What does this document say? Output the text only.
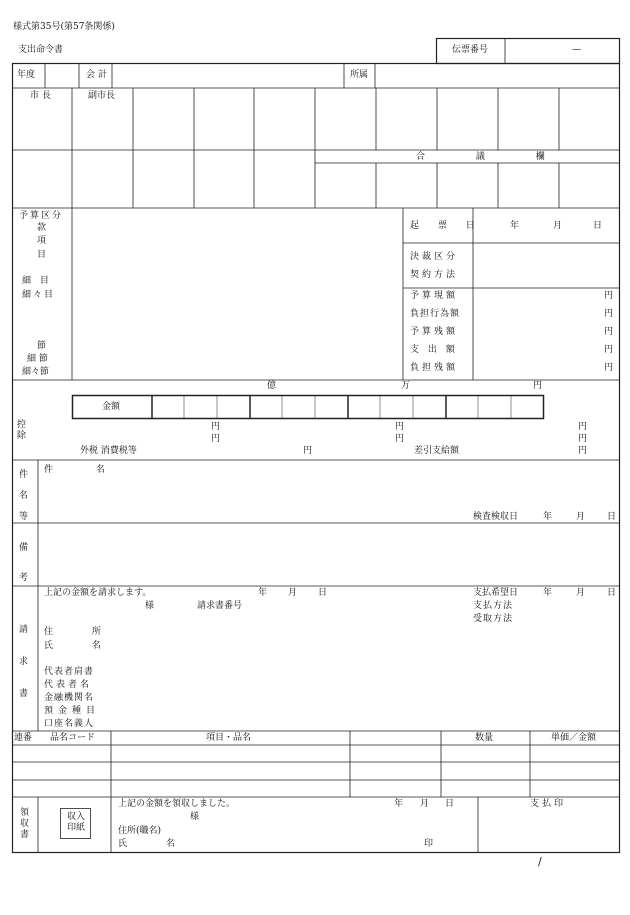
様式第35号(第57条関係)
支出命令書	伝票番号	—
年度	会計	所属
市 長	副市長
合 議 欄
予算区分
款
項
目
細 目
細々目
節
細 節
細々節
起 票 日	年	月	日
決裁区分
契約方法
予算現額	円
負担行為額	円
予算残額	円
支 出 額	円
負担残額	円
億	万	円
金額
控除
円	円	円
円	円	円
外税 消費税等	円	差引支給額	円
件名等
件 名
検査検収日	年	月 日
備考
請求書
上記の金額を請求します。	年 月 日
様	請求書番号
支払希望日	年	月 日
支払方法
受取方法
住 所
氏 名
代表者肩書
代表者名
金融機関名
預金種目
口座名義人
連番 品名コード	項目・品名	数量	単価／金額
領収書
収入印紙
上記の金額を領収しました。	年 月 日
様
住所(職名)
氏 名	印
支払印
/
